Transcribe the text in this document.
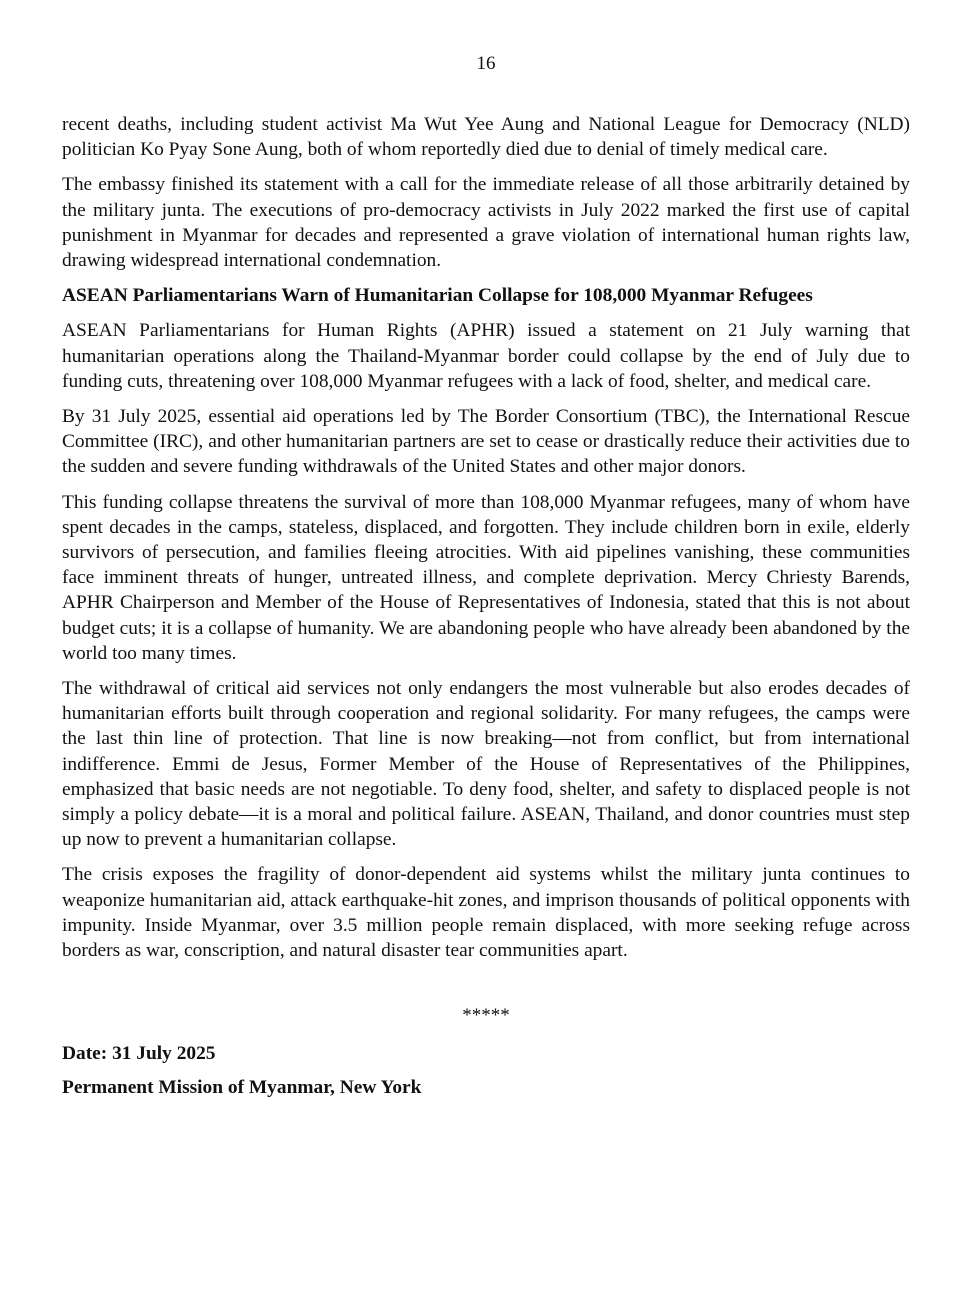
16

recent deaths, including student activist Ma Wut Yee Aung and National League for Democracy (NLD) politician Ko Pyay Sone Aung, both of whom reportedly died due to denial of timely medical care.

The embassy finished its statement with a call for the immediate release of all those arbitrarily detained by the military junta. The executions of pro-democracy activists in July 2022 marked the first use of capital punishment in Myanmar for decades and represented a grave violation of international human rights law, drawing widespread international condemnation.

ASEAN Parliamentarians Warn of Humanitarian Collapse for 108,000 Myanmar Refugees

ASEAN Parliamentarians for Human Rights (APHR) issued a statement on 21 July warning that humanitarian operations along the Thailand-Myanmar border could collapse by the end of July due to funding cuts, threatening over 108,000 Myanmar refugees with a lack of food, shelter, and medical care.

By 31 July 2025, essential aid operations led by The Border Consortium (TBC), the International Rescue Committee (IRC), and other humanitarian partners are set to cease or drastically reduce their activities due to the sudden and severe funding withdrawals of the United States and other major donors.

This funding collapse threatens the survival of more than 108,000 Myanmar refugees, many of whom have spent decades in the camps, stateless, displaced, and forgotten. They include children born in exile, elderly survivors of persecution, and families fleeing atrocities. With aid pipelines vanishing, these communities face imminent threats of hunger, untreated illness, and complete deprivation. Mercy Chriesty Barends, APHR Chairperson and Member of the House of Representatives of Indonesia, stated that this is not about budget cuts; it is a collapse of humanity. We are abandoning people who have already been abandoned by the world too many times.

The withdrawal of critical aid services not only endangers the most vulnerable but also erodes decades of humanitarian efforts built through cooperation and regional solidarity. For many refugees, the camps were the last thin line of protection. That line is now breaking—not from conflict, but from international indifference. Emmi de Jesus, Former Member of the House of Representatives of the Philippines, emphasized that basic needs are not negotiable. To deny food, shelter, and safety to displaced people is not simply a policy debate—it is a moral and political failure. ASEAN, Thailand, and donor countries must step up now to prevent a humanitarian collapse.

The crisis exposes the fragility of donor-dependent aid systems whilst the military junta continues to weaponize humanitarian aid, attack earthquake-hit zones, and imprison thousands of political opponents with impunity. Inside Myanmar, over 3.5 million people remain displaced, with more seeking refuge across borders as war, conscription, and natural disaster tear communities apart.

*****
Date: 31 July 2025
Permanent Mission of Myanmar, New York
